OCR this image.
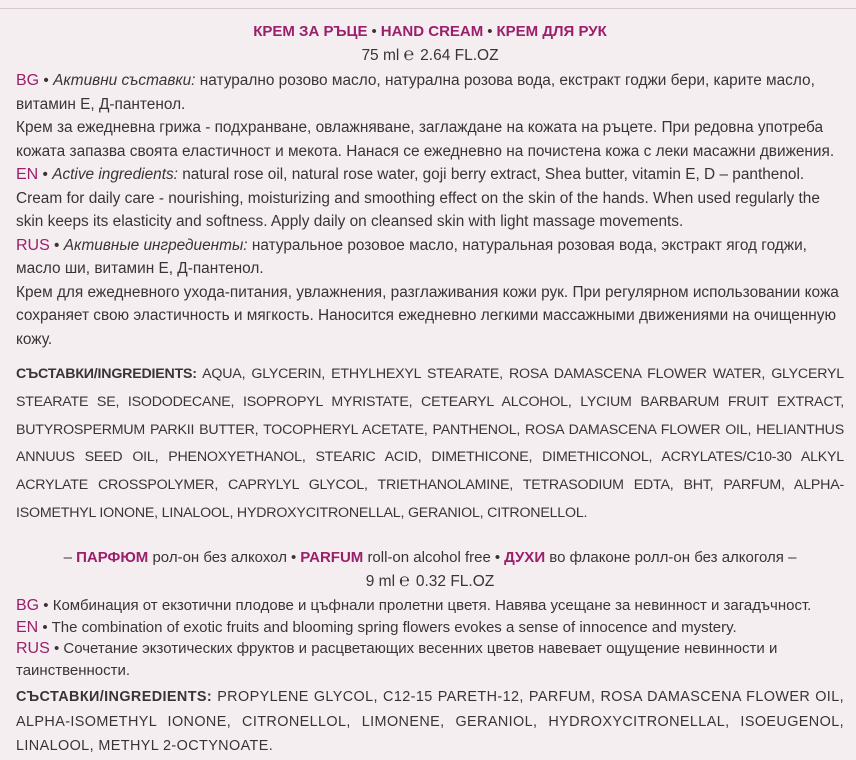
КРЕМ ЗА РЪЦЕ • HAND CREAM • КРЕМ ДЛЯ РУК
75 ml ℮ 2.64 FL.OZ

BG • Активни съставки: натурално розово масло, натурална розова вода, екстракт годжи бери, карите масло, витамин Е, Д-пантенол.

Крем за ежедневна грижа - подхранване, овлажняване, заглаждане на кожата на ръцете. При редовна употреба кожата запазва своята еластичност и мекота. Нанася се ежедневно на почистена кожа с леки масажни движения.

EN • Active ingredients: natural rose oil, natural rose water, goji berry extract, Shea butter, vitamin E, D – panthenol.

Cream for daily care - nourishing, moisturizing and smoothing effect on the skin of the hands. When used regularly the skin keeps its elasticity and softness. Apply daily on cleansed skin with light massage movements.

RUS • Активные ингредиенты: натуральное розовое масло, натуральная розовая вода, экстракт ягод годжи, масло ши, витамин Е, Д-пантенол.

Крем для ежедневного ухода-питания, увлажнения, разглаживания кожи рук. При регулярном использовании кожа сохраняет свою эластичность и мягкость. Наносится ежедневно легкими массажными движениями на очищенную кожу.

СЪСТАВКИ/INGREDIENTS: AQUA, GLYCERIN, ETHYLHEXYL STEARATE, ROSA DAMASCENA FLOWER WATER, GLYCERYL STEARATE SE, ISODODECANE, ISOPROPYL MYRISTATE, CETEARYL ALCOHOL, LYCIUM BARBARUM FRUIT EXTRACT, BUTYROSPERMUM PARKII BUTTER, TOCOPHERYL ACETATE, PANTHENOL, ROSA DAMASCENA FLOWER OIL, HELIANTHUS ANNUUS SEED OIL, PHENOXYETHANOL, STEARIC ACID, DIMETHICONE, DIMETHICONOL, ACRYLATES/C10-30 ALKYL ACRYLATE CROSSPOLYMER, CAPRYLYL GLYCOL, TRIETHANOLAMINE, TETRASODIUM EDTA, BHT, PARFUM, ALPHA-ISOMETHYL IONONE, LINALOOL, HYDROXYCITRONELLAL, GERANIOL, CITRONELLOL.

– ПАРФЮМ рол-он без алкохол • PARFUM roll-on alcohol free • ДУХИ во флаконе ролл-он без алкоголя –
9 ml ℮ 0.32 FL.OZ

BG • Комбинация от екзотични плодове и цъфнали пролетни цветя. Навява усещане за невинност и загадъчност.

EN • The combination of exotic fruits and blooming spring flowers evokes a sense of innocence and mystery.

RUS • Сочетание экзотических фруктов и расцветающих весенних цветов навевает ощущение невинности и таинственности.

СЪСТАВКИ/INGREDIENTS: PROPYLENE GLYCOL, C12-15 PARETH-12, PARFUM, ROSA DAMASCENA FLOWER OIL, ALPHA-ISOMETHYL IONONE, CITRONELLOL, LIMONENE, GERANIOL, HYDROXYCITRONELLAL, ISOEUGENOL, LINALOOL, METHYL 2-OCTYNOATE.
